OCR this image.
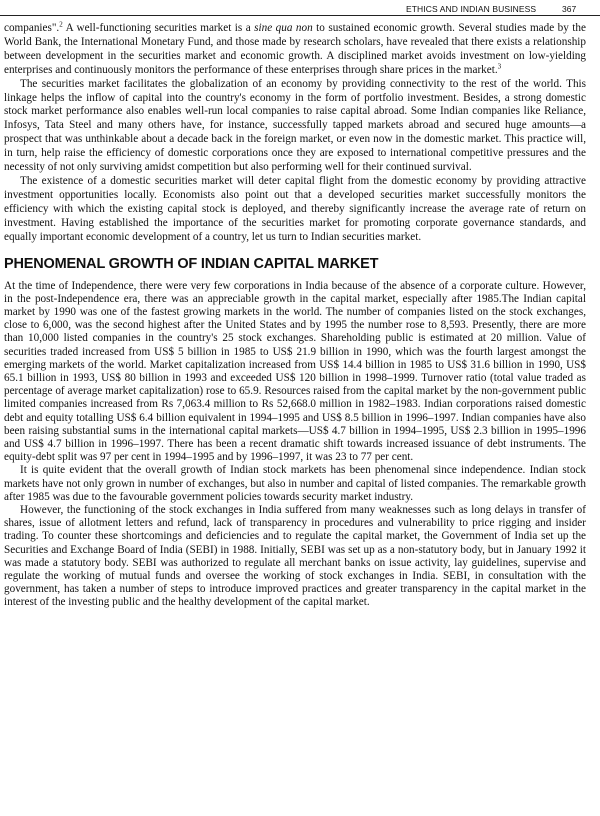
ETHICS AND INDIAN BUSINESS	367

companies".$^2$ A well-functioning securities market is a sine qua non to sustained economic growth. Several studies made by the World Bank, the International Monetary Fund, and those made by research scholars, have revealed that there exists a relationship between development in the securities market and economic growth. A disciplined market avoids investment on low-yielding enterprises and continuously monitors the performance of these enterprises through share prices in the market.$^3$

The securities market facilitates the globalization of an economy by providing connectivity to the rest of the world. This linkage helps the inflow of capital into the country's economy in the form of portfolio investment. Besides, a strong domestic stock market performance also enables well-run local companies to raise capital abroad. Some Indian companies like Reliance, Infosys, Tata Steel and many others have, for instance, successfully tapped markets abroad and secured huge amounts—a prospect that was unthinkable about a decade back in the foreign market, or even now in the domestic market. This practice will, in turn, help raise the efficiency of domestic corporations once they are exposed to international competitive pressures and the necessity of not only surviving amidst competition but also performing well for their continued survival.

The existence of a domestic securities market will deter capital flight from the domestic economy by providing attractive investment opportunities locally. Economists also point out that a developed securities market successfully monitors the efficiency with which the existing capital stock is deployed, and thereby significantly increase the average rate of return on investment. Having established the importance of the securities market for promoting corporate governance standards, and equally important economic development of a country, let us turn to Indian securities market.

PHENOMENAL GROWTH OF INDIAN CAPITAL MARKET

At the time of Independence, there were very few corporations in India because of the absence of a corporate culture. However, in the post-Independence era, there was an appreciable growth in the capital market, especially after 1985.The Indian capital market by 1990 was one of the fastest growing markets in the world. The number of companies listed on the stock exchanges, close to 6,000, was the second highest after the United States and by 1995 the number rose to 8,593. Presently, there are more than 10,000 listed companies in the country's 25 stock exchanges. Shareholding public is estimated at 20 million. Value of securities traded increased from US$ 5 billion in 1985 to US$ 21.9 billion in 1990, which was the fourth largest amongst the emerging markets of the world. Market capitalization increased from US$ 14.4 billion in 1985 to US$ 31.6 billion in 1990, US$ 65.1 billion in 1993, US$ 80 billion in 1993 and exceeded US$ 120 billion in 1998–1999. Turnover ratio (total value traded as percentage of average market capitalization) rose to 65.9. Resources raised from the capital market by the non-government public limited companies increased from Rs 7,063.4 million to Rs 52,668.0 million in 1982–1983. Indian corporations raised domestic debt and equity totalling US$ 6.4 billion equivalent in 1994–1995 and US$ 8.5 billion in 1996–1997. Indian companies have also been raising substantial sums in the international capital markets—US$ 4.7 billion in 1994–1995, US$ 2.3 billion in 1995–1996 and US$ 4.7 billion in 1996–1997. There has been a recent dramatic shift towards increased issuance of debt instruments. The equity-debt split was 97 per cent in 1994–1995 and by 1996–1997, it was 23 to 77 per cent.

It is quite evident that the overall growth of Indian stock markets has been phenomenal since independence. Indian stock markets have not only grown in number of exchanges, but also in number and capital of listed companies. The remarkable growth after 1985 was due to the favourable government policies towards security market industry.

However, the functioning of the stock exchanges in India suffered from many weaknesses such as long delays in transfer of shares, issue of allotment letters and refund, lack of transparency in procedures and vulnerability to price rigging and insider trading. To counter these shortcomings and deficiencies and to regulate the capital market, the Government of India set up the Securities and Exchange Board of India (SEBI) in 1988. Initially, SEBI was set up as a non-statutory body, but in January 1992 it was made a statutory body. SEBI was authorized to regulate all merchant banks on issue activity, lay guidelines, supervise and regulate the working of mutual funds and oversee the working of stock exchanges in India. SEBI, in consultation with the government, has taken a number of steps to introduce improved practices and greater transparency in the capital market in the interest of the investing public and the healthy development of the capital market.
